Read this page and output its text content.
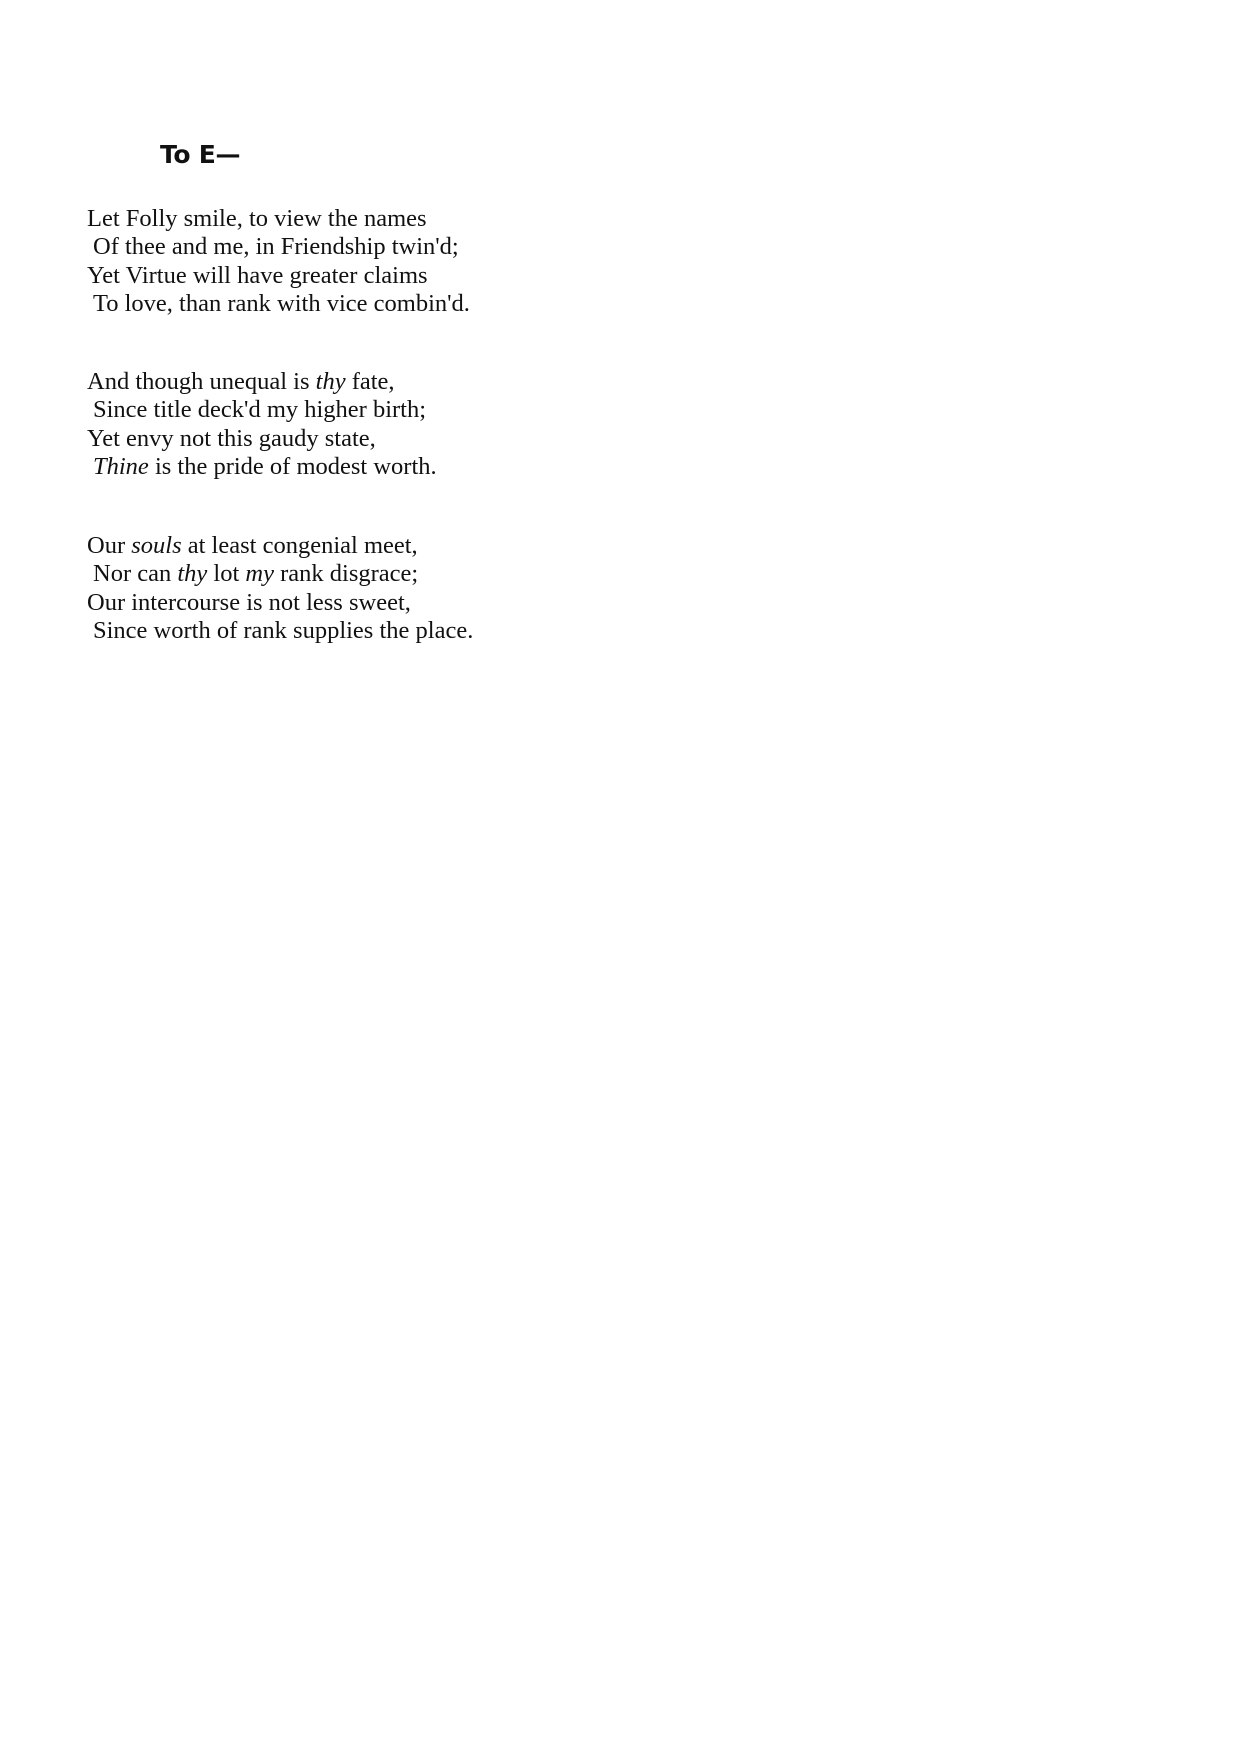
To E—

Let Folly smile, to view the names
Of thee and me, in Friendship twin'd;
Yet Virtue will have greater claims
To love, than rank with vice combin'd.

And though unequal is thy fate,
Since title deck'd my higher birth;
Yet envy not this gaudy state,
Thine is the pride of modest worth.

Our souls at least congenial meet,
Nor can thy lot my rank disgrace;
Our intercourse is not less sweet,
Since worth of rank supplies the place.
